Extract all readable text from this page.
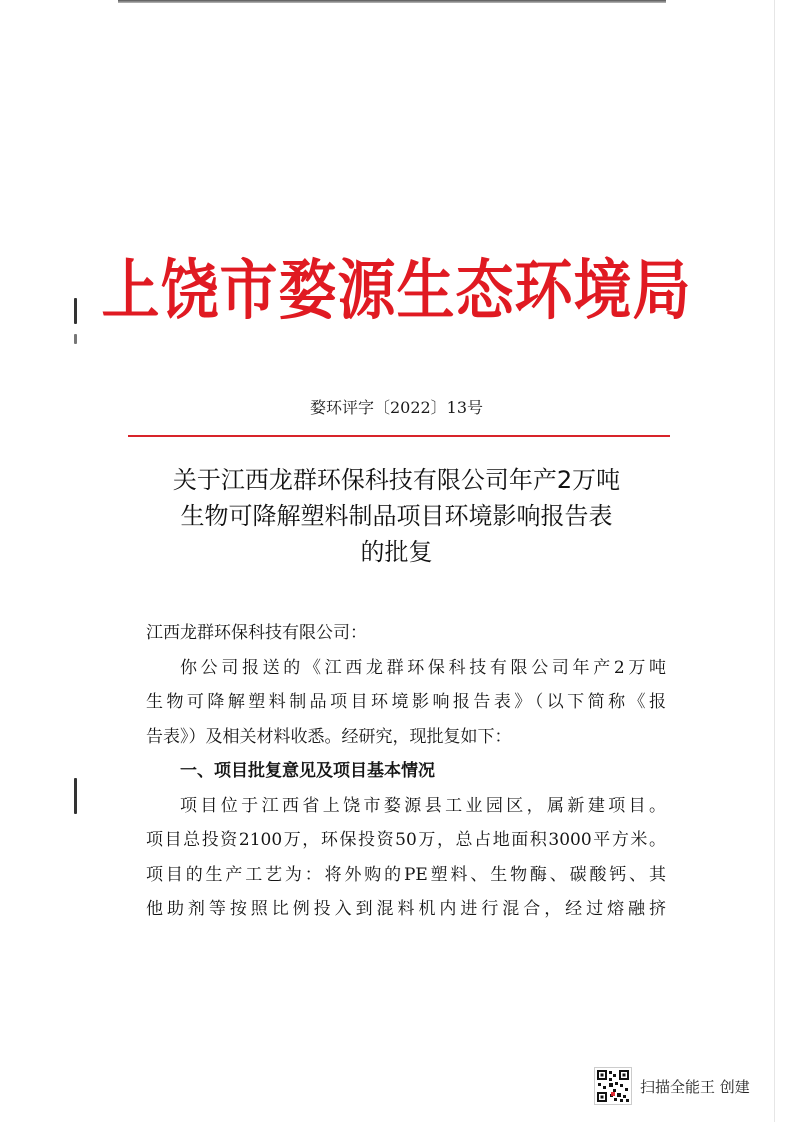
上饶市婺源生态环境局
婺环评字〔2022〕13号
关于江西龙群环保科技有限公司年产2万吨
生物可降解塑料制品项目环境影响报告表
的批复
江西龙群环保科技有限公司：
你公司报送的《江西龙群环保科技有限公司年产2万吨
生物可降解塑料制品项目环境影响报告表》（以下简称《报
告表》）及相关材料收悉。经研究，现批复如下：
一、项目批复意见及项目基本情况
项目位于江西省上饶市婺源县工业园区，属新建项目。
项目总投资2100万，环保投资50万，总占地面积3000平方米。
项目的生产工艺为：将外购的PE塑料、生物酶、碳酸钙、其
他助剂等按照比例投入到混料机内进行混合，经过熔融挤
扫描全能王 创建
